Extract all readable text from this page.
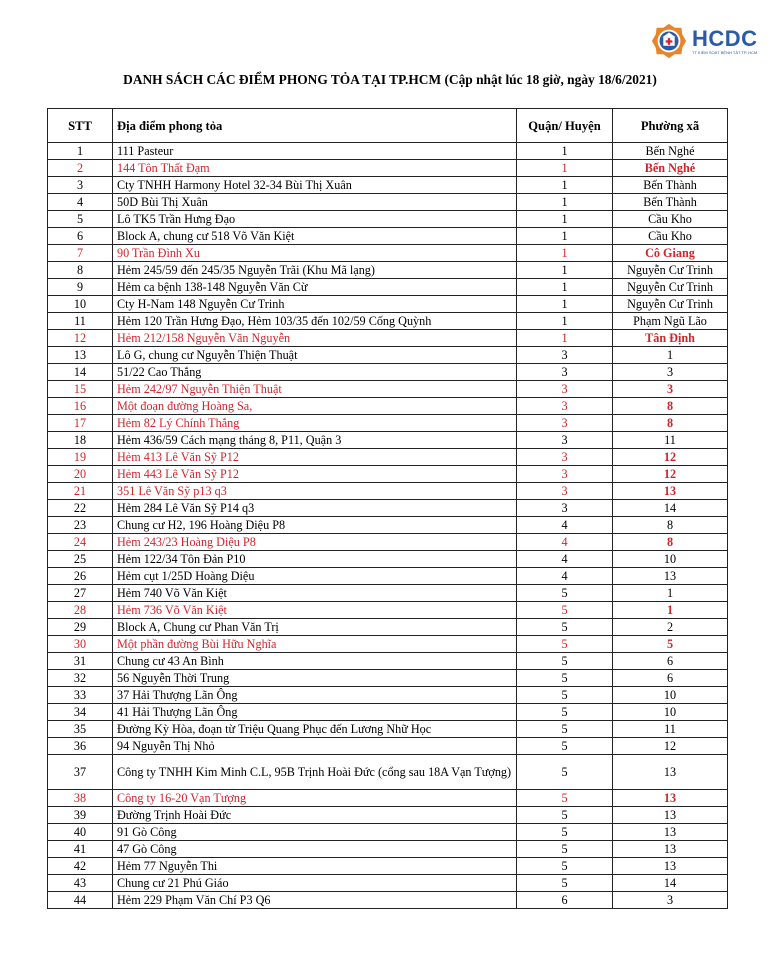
HCDC
TT KIỂM SOÁT BỆNH TẬT TP. HCM
DANH SÁCH CÁC ĐIỂM PHONG TỎA TẠI TP.HCM (Cập nhật lúc 18 giờ, ngày 18/6/2021)
STT	Địa điểm phong tỏa	Quận/ Huyện	Phường xã
1	111 Pasteur	1	Bến Nghé
2	144 Tôn Thất Đạm	1	Bến Nghé
3	Cty TNHH Harmony Hotel 32-34 Bùi Thị Xuân	1	Bến Thành
4	50D Bùi Thị Xuân	1	Bến Thành
5	Lô TK5 Trần Hưng Đạo	1	Cầu Kho
6	Block A, chung cư 518 Võ Văn Kiệt	1	Cầu Kho
7	90 Trần Đình Xu	1	Cô Giang
8	Hẻm 245/59 đến 245/35 Nguyễn Trãi (Khu Mã lạng)	1	Nguyễn Cư Trinh
9	Hẻm ca bệnh 138-148 Nguyễn Văn Cừ	1	Nguyễn Cư Trinh
10	Cty H-Nam 148 Nguyễn Cư Trinh	1	Nguyễn Cư Trinh
11	Hẻm 120 Trần Hưng Đạo, Hẻm 103/35 đến 102/59 Cống Quỳnh	1	Phạm Ngũ Lão
12	Hẻm 212/158 Nguyễn Văn Nguyễn	1	Tân Định
13	Lô G, chung cư Nguyễn Thiện Thuật	3	1
14	51/22 Cao Thắng	3	3
15	Hẻm 242/97 Nguyễn Thiện Thuật	3	3
16	Một đoạn đường Hoàng Sa,	3	8
17	Hẻm 82 Lý Chính Thắng	3	8
18	Hẻm 436/59 Cách mạng tháng 8, P11, Quận 3	3	11
19	Hẻm 413 Lê Văn Sỹ P12	3	12
20	Hẻm 443 Lê Văn Sỹ P12	3	12
21	351 Lê Văn Sỹ p13 q3	3	13
22	Hẻm 284 Lê Văn Sỹ P14 q3	3	14
23	Chung cư H2, 196 Hoàng Diệu P8	4	8
24	Hẻm 243/23 Hoàng Diệu P8	4	8
25	Hẻm 122/34 Tôn Đản P10	4	10
26	Hẻm cụt 1/25D Hoàng Diệu	4	13
27	Hẻm 740 Võ Văn Kiệt	5	1
28	Hẻm 736 Võ Văn Kiệt	5	1
29	Block A, Chung cư Phan Văn Trị	5	2
30	Một phần đường Bùi Hữu Nghĩa	5	5
31	Chung cư 43 An Bình	5	6
32	56 Nguyễn Thời Trung	5	6
33	37 Hải Thượng Lãn Ông	5	10
34	41 Hải Thượng Lãn Ông	5	10
35	Đường Kỳ Hòa, đoạn từ Triệu Quang Phục đến Lương Nhữ Học	5	11
36	94 Nguyễn Thị Nhỏ	5	12
37	Công ty TNHH Kim Minh C.L, 95B Trịnh Hoài Đức (cổng sau 18A Vạn Tượng)	5	13
38	Công ty 16-20 Vạn Tượng	5	13
39	Đường Trịnh Hoài Đức	5	13
40	91 Gò Công	5	13
41	47 Gò Công	5	13
42	Hẻm 77 Nguyễn Thi	5	13
43	Chung cư 21 Phú Giáo	5	14
44	Hẻm 229 Phạm Văn Chí P3 Q6	6	3
